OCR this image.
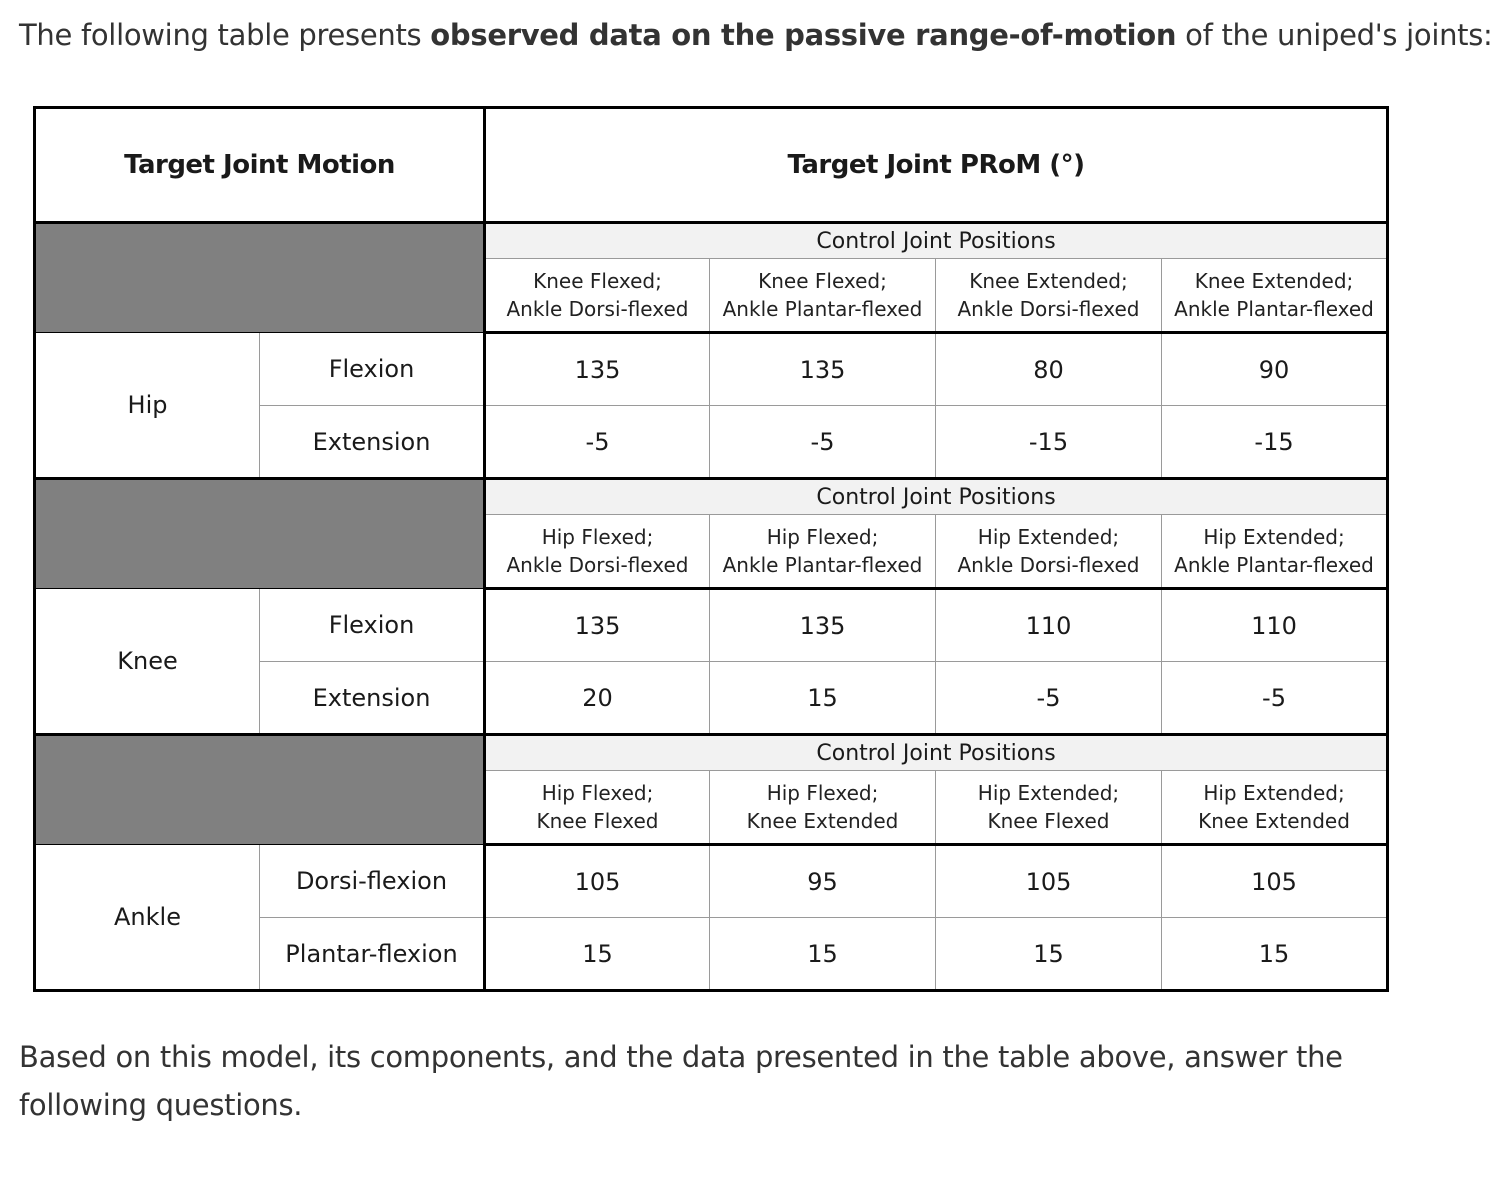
The following table presents observed data on the passive range-of-motion of the uniped's joints:

Target Joint Motion		Target Joint PRoM (°)			
		Control Joint Positions			
		Knee Flexed;
Ankle Dorsi-flexed	Knee Flexed;
Ankle Plantar-flexed	Knee Extended;
Ankle Dorsi-flexed	Knee Extended;
Ankle Plantar-flexed
Hip	Flexion	135	135	80	90
	Extension	-5	-5	-15	-15
		Control Joint Positions			
		Hip Flexed;
Ankle Dorsi-flexed	Hip Flexed;
Ankle Plantar-flexed	Hip Extended;
Ankle Dorsi-flexed	Hip Extended;
Ankle Plantar-flexed
Knee	Flexion	135	135	110	110
	Extension	20	15	-5	-5
		Control Joint Positions			
		Hip Flexed;
Knee Flexed	Hip Flexed;
Knee Extended	Hip Extended;
Knee Flexed	Hip Extended;
Knee Extended
Ankle	Dorsi-flexion	105	95	105	105
	Plantar-flexion	15	15	15	15

Based on this model, its components, and the data presented in the table above, answer the following questions.
